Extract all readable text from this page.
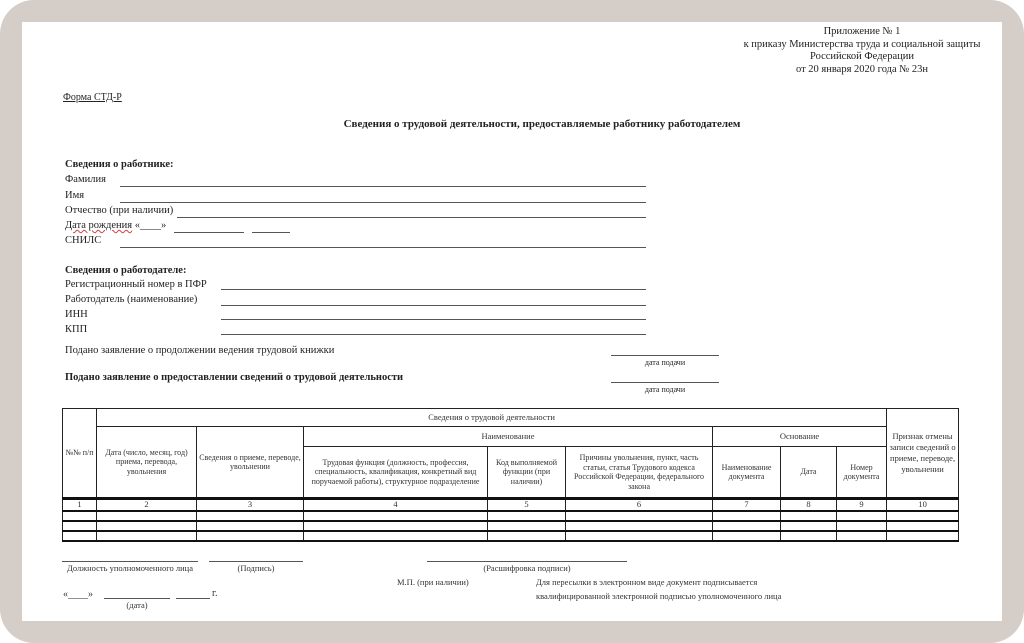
Приложение № 1
к приказу Министерства труда и социальной защиты
Российской Федерации
от 20 января 2020 года № 23н
Форма СТД-Р
Сведения о трудовой деятельности, предоставляемые работнику работодателем
Сведения о работнике:
Фамилия
Имя
Отчество (при наличии)
Дата рождения «____»
СНИЛС
Сведения о работодателе:
Регистрационный номер в ПФР
Работодатель (наименование)
ИНН
КПП
Подано заявление о продолжении ведения трудовой книжки
дата подачи
Подано заявление о предоставлении сведений о трудовой деятельности
дата подачи
№№ п/п	Сведения о трудовой деятельности								Признак отмены записи сведений о приеме, переводе, увольнении
	Дата (число, месяц, год) приема, перевода, увольнения	Сведения о приеме, переводе, увольнении	Наименование			Основание			
			Трудовая функция (должность, профессия, специальность, квалификация, конкретный вид поручаемой работы), структурное подразделение	Код выполняемой функции (при наличии)	Причины увольнения, пункт, часть статьи, статья Трудового кодекса Российской Федерации, федерального закона	Наименование документа	Дата	Номер документа	
1	2	3	4	5	6	7	8	9	10

Должность уполномоченного лица	(Подпись)	(Расшифровка подписи)
М.П. (при наличии)	Для пересылки в электронном виде документ подписывается
квалифицированной электронной подписью уполномоченного лица
«____»
(дата)
г.
